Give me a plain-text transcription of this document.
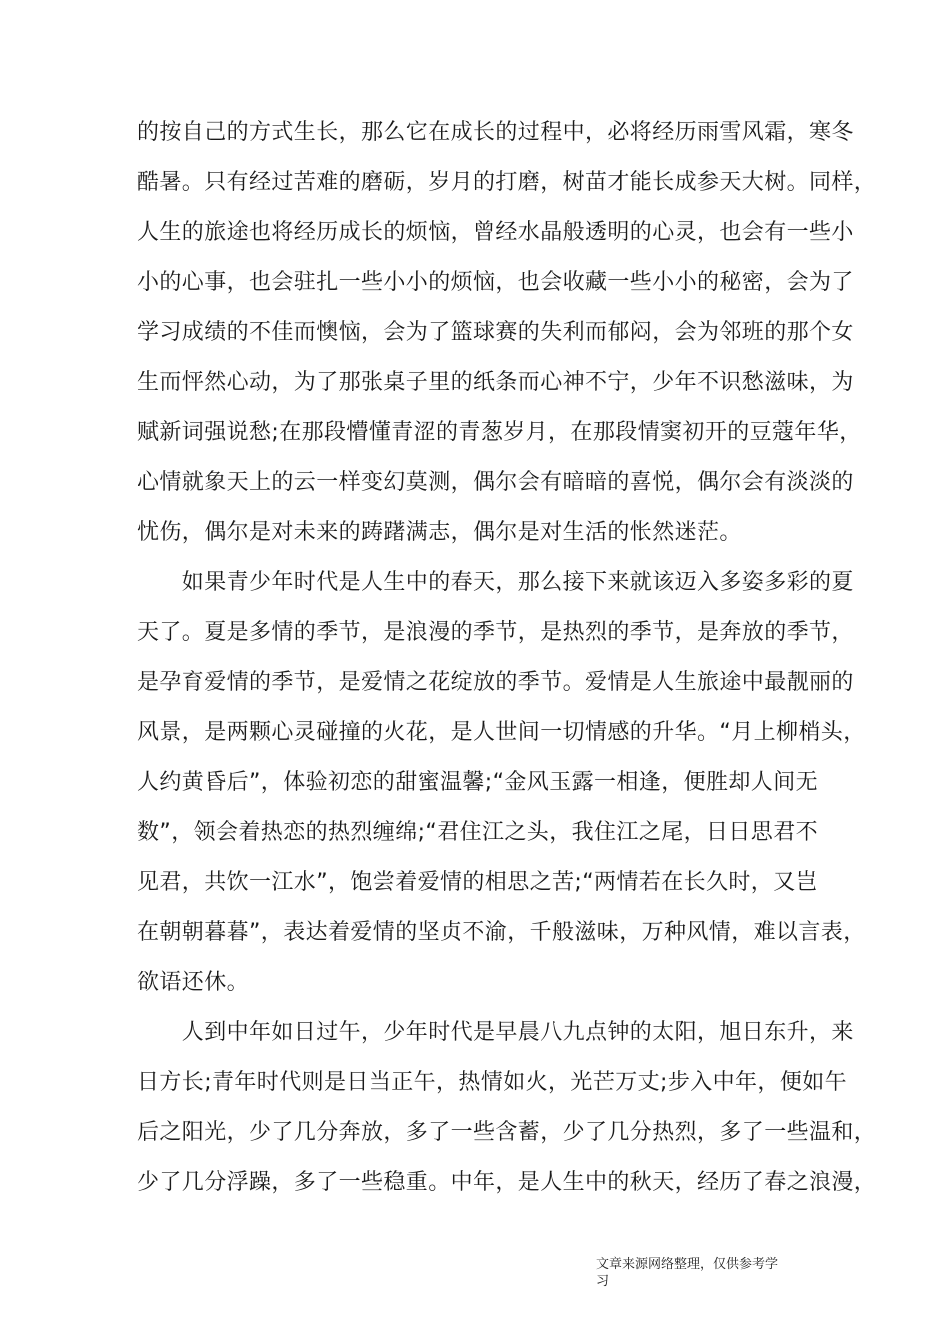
的按自己的方式生长，那么它在成长的过程中，必将经历雨雪风霜，寒冬
酷暑。只有经过苦难的磨砺，岁月的打磨，树苗才能长成参天大树。同样，
人生的旅途也将经历成长的烦恼，曾经水晶般透明的心灵，也会有一些小
小的心事，也会驻扎一些小小的烦恼，也会收藏一些小小的秘密，会为了
学习成绩的不佳而懊恼，会为了篮球赛的失利而郁闷，会为邻班的那个女
生而怦然心动，为了那张桌子里的纸条而心神不宁，少年不识愁滋味，为
赋新词强说愁;在那段懵懂青涩的青葱岁月，在那段情窦初开的豆蔻年华，
心情就象天上的云一样变幻莫测，偶尔会有暗暗的喜悦，偶尔会有淡淡的
忧伤，偶尔是对未来的踌躇满志，偶尔是对生活的怅然迷茫。
　　如果青少年时代是人生中的春天，那么接下来就该迈入多姿多彩的夏
天了。夏是多情的季节，是浪漫的季节，是热烈的季节，是奔放的季节，
是孕育爱情的季节，是爱情之花绽放的季节。爱情是人生旅途中最靓丽的
风景，是两颗心灵碰撞的火花，是人世间一切情感的升华。“月上柳梢头，
人约黄昏后”，体验初恋的甜蜜温馨;“金风玉露一相逢，便胜却人间无
数”，领会着热恋的热烈缠绵;“君住江之头，我住江之尾，日日思君不
见君，共饮一江水”，饱尝着爱情的相思之苦;“两情若在长久时，又岂
在朝朝暮暮”，表达着爱情的坚贞不渝，千般滋味，万种风情，难以言表，
欲语还休。
　　人到中年如日过午，少年时代是早晨八九点钟的太阳，旭日东升，来
日方长;青年时代则是日当正午，热情如火，光芒万丈;步入中年，便如午
后之阳光，少了几分奔放，多了一些含蓄，少了几分热烈，多了一些温和，
少了几分浮躁，多了一些稳重。中年，是人生中的秋天，经历了春之浪漫，
文章来源网络整理，仅供参考学
习
